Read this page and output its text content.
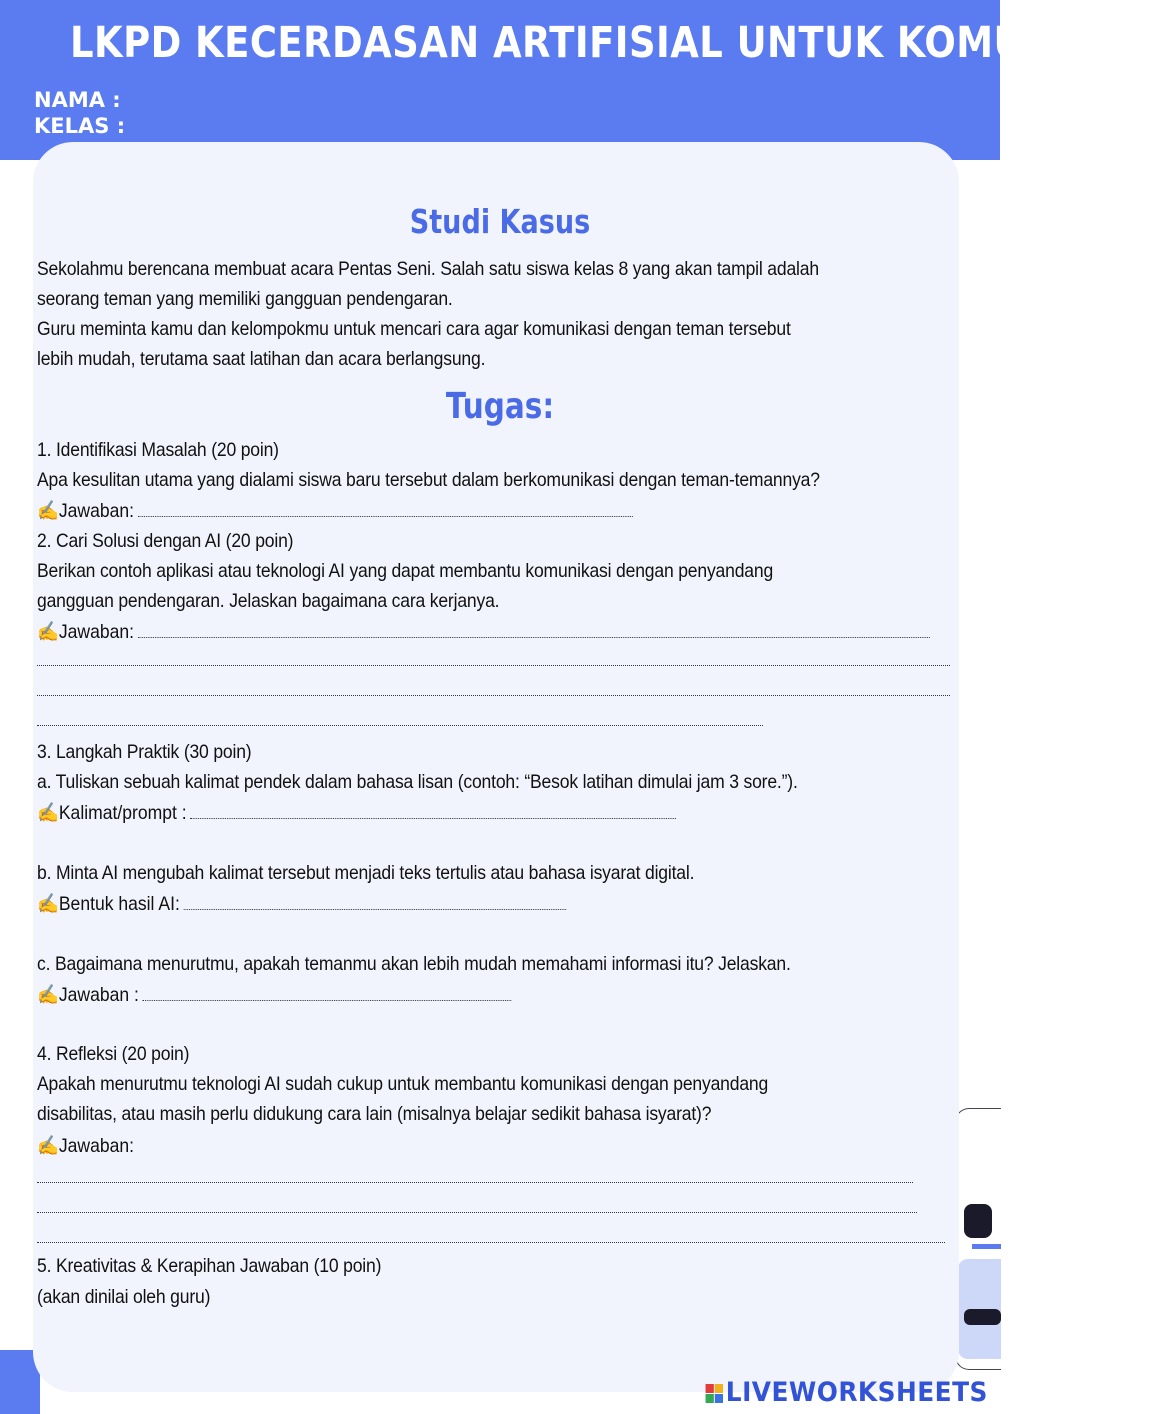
LKPD KECERDASAN ARTIFISIAL UNTUK KOMUNIKASI
NAMA :
KELAS :
Studi Kasus
Sekolahmu berencana membuat acara Pentas Seni. Salah satu siswa kelas 8 yang akan tampil adalah
seorang teman yang memiliki gangguan pendengaran.
Guru meminta kamu dan kelompokmu untuk mencari cara agar komunikasi dengan teman tersebut
lebih mudah, terutama saat latihan dan acara berlangsung.
Tugas:
1. Identifikasi Masalah (20 poin)
Apa kesulitan utama yang dialami siswa baru tersebut dalam berkomunikasi dengan teman-temannya?
✍Jawaban:
2. Cari Solusi dengan AI (20 poin)
Berikan contoh aplikasi atau teknologi AI yang dapat membantu komunikasi dengan penyandang
gangguan pendengaran. Jelaskan bagaimana cara kerjanya.
✍Jawaban:
3. Langkah Praktik (30 poin)
a. Tuliskan sebuah kalimat pendek dalam bahasa lisan (contoh: “Besok latihan dimulai jam 3 sore.”).
✍Kalimat/prompt :
b. Minta AI mengubah kalimat tersebut menjadi teks tertulis atau bahasa isyarat digital.
✍Bentuk hasil AI:
c. Bagaimana menurutmu, apakah temanmu akan lebih mudah memahami informasi itu? Jelaskan.
✍Jawaban :
4. Refleksi (20 poin)
Apakah menurutmu teknologi AI sudah cukup untuk membantu komunikasi dengan penyandang
disabilitas, atau masih perlu didukung cara lain (misalnya belajar sedikit bahasa isyarat)?
✍Jawaban:
5. Kreativitas & Kerapihan Jawaban (10 poin)
(akan dinilai oleh guru)
LIVEWORKSHEETS
